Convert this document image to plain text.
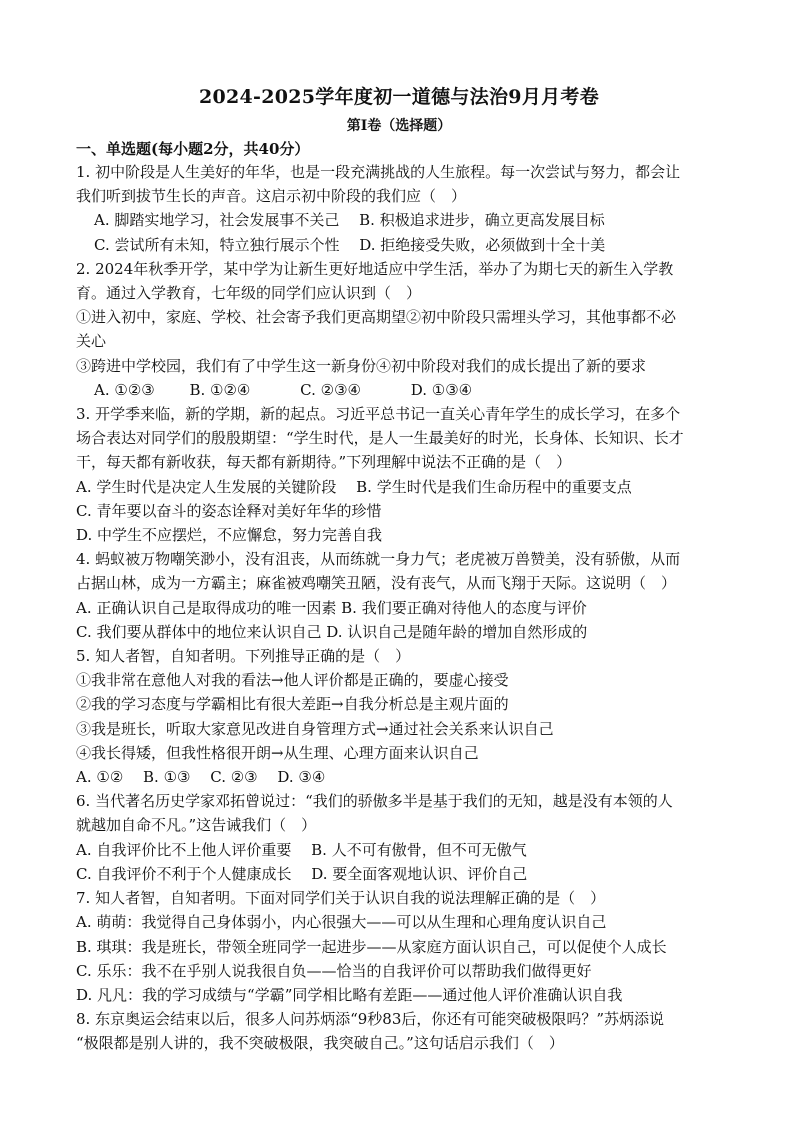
2024-2025学年度初一道德与法治9月月考卷
第I卷（选择题）
一、单选题(每小题2分，共40分）
1. 初中阶段是人生美好的年华，也是一段充满挑战的人生旅程。每一次尝试与努力，都会让
我们听到拔节生长的声音。这启示初中阶段的我们应（　）
A. 脚踏实地学习，社会发展事不关己　 B. 积极追求进步，确立更高发展目标
C. 尝试所有未知，特立独行展示个性　 D. 拒绝接受失败，必须做到十全十美
2. 2024年秋季开学，某中学为让新生更好地适应中学生活，举办了为期七天的新生入学教
育。通过入学教育，七年级的同学们应认识到（　）
①进入初中，家庭、学校、社会寄予我们更高期望②初中阶段只需埋头学习，其他事都不必
关心
③跨进中学校园，我们有了中学生这一新身份④初中阶段对我们的成长提出了新的要求
A. ①②③　　 B. ①②④　　　 C. ②③④　　　 D. ①③④
3. 开学季来临，新的学期，新的起点。习近平总书记一直关心青年学生的成长学习，在多个
场合表达对同学们的殷殷期望：“学生时代，是人一生最美好的时光，长身体、长知识、长才
干，每天都有新收获，每天都有新期待。”下列理解中说法不正确的是（　）
A. 学生时代是决定人生发展的关键阶段　 B. 学生时代是我们生命历程中的重要支点
C. 青年要以奋斗的姿态诠释对美好年华的珍惜
D. 中学生不应摆烂，不应懈怠，努力完善自我
4. 蚂蚁被万物嘲笑渺小，没有沮丧，从而练就一身力气；老虎被万兽赞美，没有骄傲，从而
占据山林，成为一方霸主；麻雀被鸡嘲笑丑陋，没有丧气，从而飞翔于天际。这说明（　）
A. 正确认识自己是取得成功的唯一因素 B. 我们要正确对待他人的态度与评价
C. 我们要从群体中的地位来认识自己 D. 认识自己是随年龄的增加自然形成的
5. 知人者智，自知者明。下列推导正确的是（　）
①我非常在意他人对我的看法→他人评价都是正确的，要虚心接受
②我的学习态度与学霸相比有很大差距→自我分析总是主观片面的
③我是班长，听取大家意见改进自身管理方式→通过社会关系来认识自己
④我长得矮，但我性格很开朗→从生理、心理方面来认识自己
A. ①②　 B. ①③　 C. ②③　 D. ③④
6. 当代著名历史学家邓拓曾说过：“我们的骄傲多半是基于我们的无知，越是没有本领的人
就越加自命不凡。”这告诫我们（　）
A. 自我评价比不上他人评价重要　 B. 人不可有傲骨，但不可无傲气
C. 自我评价不利于个人健康成长　 D. 要全面客观地认识、评价自己
7. 知人者智，自知者明。下面对同学们关于认识自我的说法理解正确的是（　）
A. 萌萌：我觉得自己身体弱小，内心很强大——可以从生理和心理角度认识自己
B. 琪琪：我是班长，带领全班同学一起进步——从家庭方面认识自己，可以促使个人成长
C. 乐乐：我不在乎别人说我很自负——恰当的自我评价可以帮助我们做得更好
D. 凡凡：我的学习成绩与“学霸”同学相比略有差距——通过他人评价准确认识自我
8. 东京奥运会结束以后，很多人问苏炳添“9秒83后，你还有可能突破极限吗？”苏炳添说
“极限都是别人讲的，我不突破极限，我突破自己。”这句话启示我们（　）
